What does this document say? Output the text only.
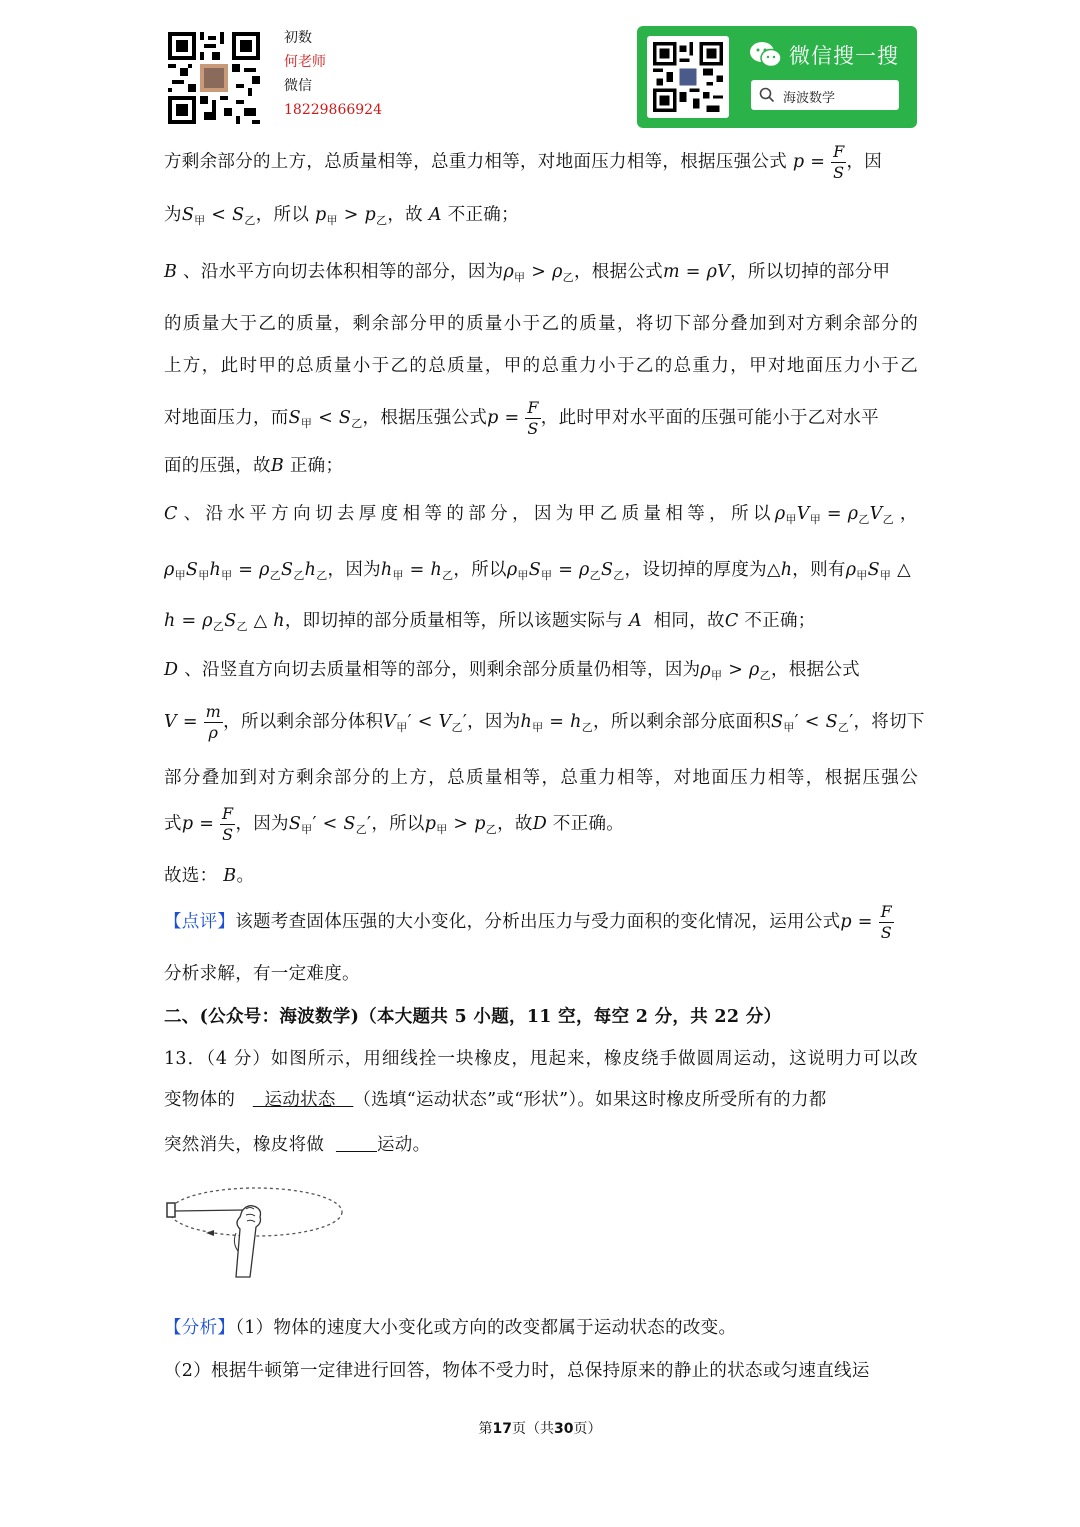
初数
何老师
微信
18229866924
微信搜一搜
海波数学
方剩余部分的上方，总质量相等，总重力相等，对地面压力相等，根据压强公式 $p = \frac{F}{S}$ ，因
为$S_甲 < S_乙$，所以 $p_甲 > p_乙$，故 A 不正确；
B 、沿水平方向切去体积相等的部分，因为$\rho_甲 > \rho_乙$，根据公式m = ρV，所以切掉的部分甲
的质量大于乙的质量，剩余部分甲的质量小于乙的质量，将切下部分叠加到对方剩余部分的
上方，此时甲的总质量小于乙的总质量，甲的总重力小于乙的总重力，甲对地面压力小于乙
对地面压力，而$S_甲 < S_乙$，根据压强公式$p = \frac{F}{S}$ ，此时甲对水平面的压强可能小于乙对水平
面的压强，故B 正确；
C 、沿水平方向切去厚度相等的部分，因为甲乙质量相等，所以$\rho_甲V_甲 = \rho_乙V_乙$ ，
$\rho_甲S_甲h_甲 = \rho_乙S_乙h_乙$，因为$h_甲 = h_乙$，所以$\rho_甲S_甲 = \rho_乙S_乙$，设切掉的厚度为△h，则有$\rho_甲S_甲$ △
$h = \rho_乙S_乙$ △ h，即切掉的部分质量相等，所以该题实际与 A 相同，故C 不正确；
D 、沿竖直方向切去质量相等的部分，则剩余部分质量仍相等，因为$\rho_甲 > \rho_乙$，根据公式
$V = \frac{m}{\rho}$ ，所以剩余部分体积$V_甲' < V_乙'$，因为$h_甲 = h_乙$，所以剩余部分底面积$S_甲' < S_乙'$，将切下
部分叠加到对方剩余部分的上方，总质量相等，总重力相等，对地面压力相等，根据压强公
式$p = \frac{F}{S}$ ，因为$S_甲' < S_乙'$，所以$p_甲 > p_乙$，故D 不正确。
故选： B。
【点评】该题考查固体压强的大小变化，分析出压力与受力面积的变化情况，运用公式$p = \frac{F}{S}$
分析求解，有一定难度。
二、(公众号：海波数学)（本大题共 5 小题，11 空，每空 2 分，共 22 分）
13．（4 分）如图所示，用细线拴一块橡皮，甩起来，橡皮绕手做圆周运动，这说明力可以改
变物体的 运动状态 （选填“运动状态”或“形状”）。如果这时橡皮所受所有的力都
突然消失，橡皮将做	运动。
【分析】（1）物体的速度大小变化或方向的改变都属于运动状态的改变。
（2）根据牛顿第一定律进行回答，物体不受力时，总保持原来的静止的状态或匀速直线运
第17页（共30页）
